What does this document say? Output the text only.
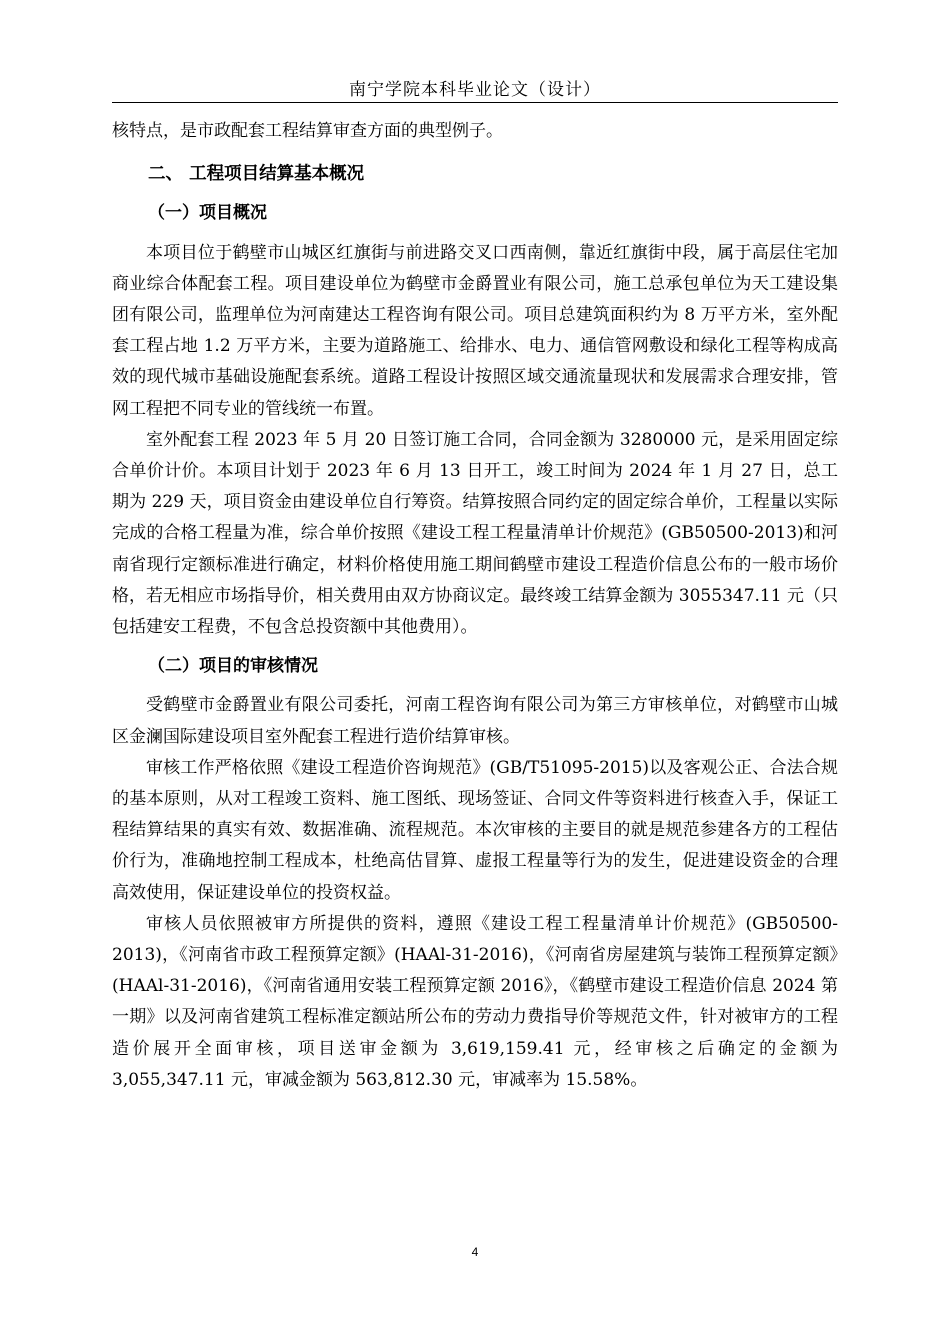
南宁学院本科毕业论文（设计）

核特点，是市政配套工程结算审查方面的典型例子。

二、 工程项目结算基本概况

（一）项目概况

本项目位于鹤壁市山城区红旗街与前进路交叉口西南侧，靠近红旗街中段，属于高层住宅加商业综合体配套工程。项目建设单位为鹤壁市金爵置业有限公司，施工总承包单位为天工建设集团有限公司，监理单位为河南建达工程咨询有限公司。项目总建筑面积约为 8 万平方米，室外配套工程占地 1.2 万平方米，主要为道路施工、给排水、电力、通信管网敷设和绿化工程等构成高效的现代城市基础设施配套系统。道路工程设计按照区域交通流量现状和发展需求合理安排，管网工程把不同专业的管线统一布置。

室外配套工程 2023 年 5 月 20 日签订施工合同，合同金额为 3280000 元，是采用固定综合单价计价。本项目计划于 2023 年 6 月 13 日开工，竣工时间为 2024 年 1 月 27 日，总工期为 229 天，项目资金由建设单位自行筹资。结算按照合同约定的固定综合单价，工程量以实际完成的合格工程量为准，综合单价按照《建设工程工程量清单计价规范》(GB50500-2013)和河南省现行定额标准进行确定，材料价格使用施工期间鹤壁市建设工程造价信息公布的一般市场价格，若无相应市场指导价，相关费用由双方协商议定。最终竣工结算金额为 3055347.11 元（只包括建安工程费，不包含总投资额中其他费用）。

（二）项目的审核情况

受鹤壁市金爵置业有限公司委托，河南工程咨询有限公司为第三方审核单位，对鹤壁市山城区金澜国际建设项目室外配套工程进行造价结算审核。

审核工作严格依照《建设工程造价咨询规范》(GB/T51095-2015)以及客观公正、合法合规的基本原则，从对工程竣工资料、施工图纸、现场签证、合同文件等资料进行核查入手，保证工程结算结果的真实有效、数据准确、流程规范。本次审核的主要目的就是规范参建各方的工程估价行为，准确地控制工程成本，杜绝高估冒算、虚报工程量等行为的发生，促进建设资金的合理高效使用，保证建设单位的投资权益。

审核人员依照被审方所提供的资料，遵照《建设工程工程量清单计价规范》(GB50500-2013)，《河南省市政工程预算定额》(HAAl-31-2016)，《河南省房屋建筑与装饰工程预算定额》(HAAl-31-2016)，《河南省通用安装工程预算定额 2016》，《鹤壁市建设工程造价信息 2024 第一期》以及河南省建筑工程标准定额站所公布的劳动力费指导价等规范文件，针对被审方的工程造价展开全面审核，项目送审金额为 3,619,159.41 元，经审核之后确定的金额为 3,055,347.11 元，审减金额为 563,812.30 元，审减率为 15.58%。

4
